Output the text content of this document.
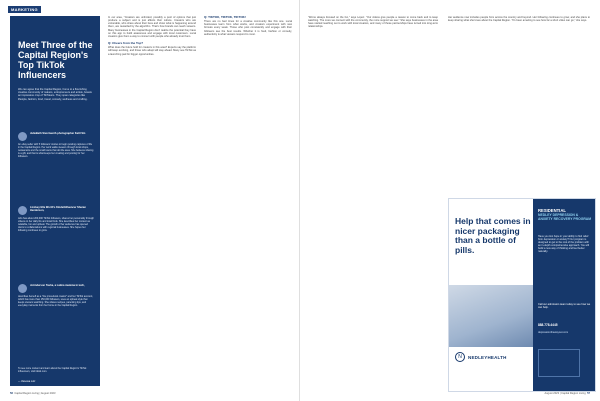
MARKETING
Meet Three of the Capital Region's Top TikTok Influencers
We can agree that the Capital Region, home to a flourishing creative community of makers, entrepreneurs and artists, boasts an impressive crop of TikTokers. They span categories like lifestyle, fashion, food, travel, comedy, wellness and crafting.
JulieBeth Sivertsen/A photographer Kettl Sin
An ebay seller with 5 followers' stories to begin posting captures of life in the Capital Region. Her work walks viewers through local shops, restaurants and the small towns that dot the area. She believes sharing is a gift, and that is what keeps her creating and posting for her followers.
Lindsey Elle Worth's Kinde/Influencer Sharan Henderson,
who has about 200,000 TikTok followers, shares her personality through videos on her daily life and local finds. She describes her content as relatable, fun and upbeat. The growth of her audience has opened doors to collaborations with regional businesses. She hopes her following continues to grow.
JoAnderson Tasha, a Latina mamma in tech,
describes herself as a "rite procedural creator" and her TikTok account, which has more than 150,000 followers, uses an upbeat style that keeps viewers watching. She shares recipes, parenting tips, and everyday moments from her home in the Capital Region.
To see more content and learn about the Capital Region's TikTok influencers, visit tiktok.com.
— Vanessa Lutz
In our area, "Creators are unlimited, possibly a pool of options that just produce a subject and is just affects their culture. Creators who are vulnerable, who share about their lives and show what is happening around them, are rewarded by the algorithm. That's how brands can reach viewers. Many businesses in the Capital Region don't realize the potential they have on this app to build awareness and engage with local customers. Local creators give them a way to connect with people who already trust them.
Q: Cheers from the Top?
What does the future hold for creators in this area? Experts say the platform will keep evolving, and those who adapt will stay ahead. Many see TikTok as a launching pad for bigger opportunities.
Q: TIKTOK, TIKTOK, TIKTOK!
There are no bad times for a creative community like this one. Local businesses learn from what works, and creators experiment with new formats every week. Those who post consistently and engage with their followers see the best results. Whether it is food, fashion or comedy, authenticity is what viewers respond to most.
56  Capital Region Living | August 2023
"We've always focused on the fun," says Lopez. "Our videos give people a reason to come back and to keep watching. The more we connect with the community, the more support we see." She says businesses in the area have started reaching out to work with local creators, and many of those partnerships have turned into long-term relationships.
Her audience now includes people from across the country and beyond. Her following continues to grow, and she plans to keep sharing what she loves about the Capital Region. "It's been amazing to see how far a short video can go," she says.
Help that comes in nicer packaging than a bottle of pills.
N	NEDLEYHEALTH
RESIDENTIAL
NEDLEY DEPRESSION & ANXIETY RECOVERY PROGRAM
Have you lost hope in your ability to find relief from depression or anxiety? Our program is designed to get to the root of the problem with an in-depth comprehensive approach. You will build a new way of thinking and feel better naturally.
Call our admission team today to see how we can help.
888.778.4445
depressionthewayout.com
August 2023 | Capital Region Living  57
